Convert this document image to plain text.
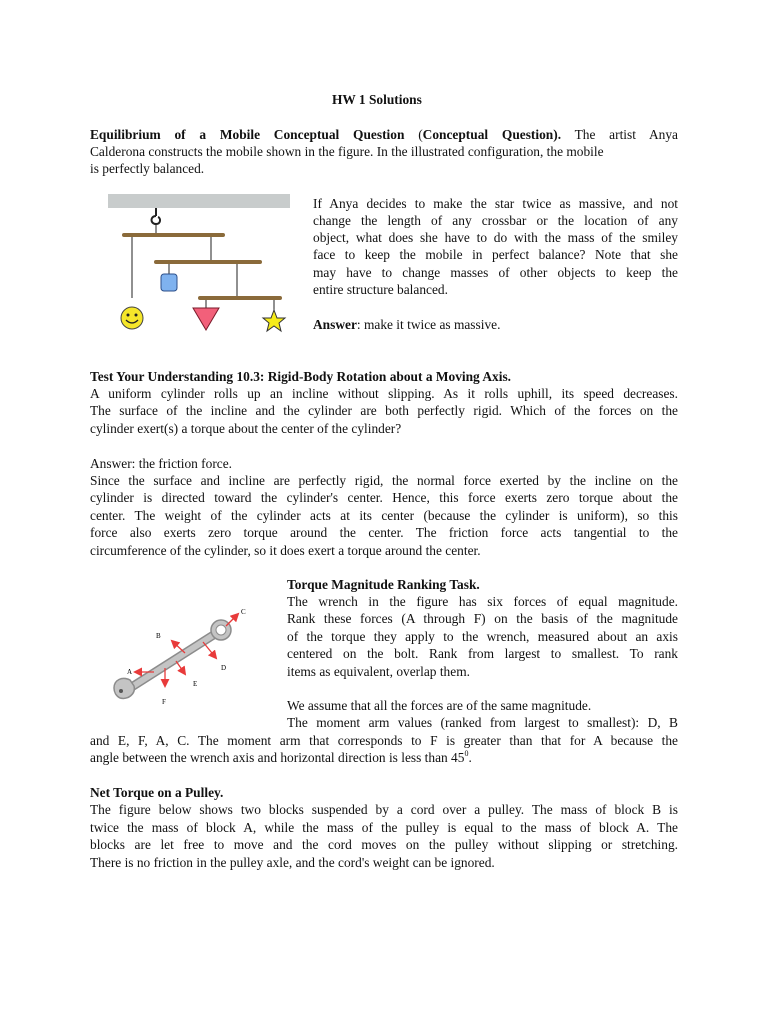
HW 1 Solutions
Equilibrium of a Mobile Conceptual Question (Conceptual Question). The artist Anya
Calderona constructs the mobile shown in the figure. In the illustrated configuration, the mobile
is perfectly balanced.
If Anya decides to make the star twice as massive, and not
change the length of any crossbar or the location of any
object, what does she have to do with the mass of the smiley
face to keep the mobile in perfect balance? Note that she
may have to change masses of other objects to keep the
entire structure balanced.
Answer: make it twice as massive.
Test Your Understanding 10.3: Rigid-Body Rotation about a Moving Axis.
A uniform cylinder rolls up an incline without slipping. As it rolls uphill, its speed decreases.
The surface of the incline and the cylinder are both perfectly rigid. Which of the forces on the
cylinder exert(s) a torque about the center of the cylinder?
Answer: the friction force.
Since the surface and incline are perfectly rigid, the normal force exerted by the incline on the
cylinder is directed toward the cylinder's center. Hence, this force exerts zero torque about the
center. The weight of the cylinder acts at its center (because the cylinder is uniform), so this
force also exerts zero torque around the center. The friction force acts tangential to the
circumference of the cylinder, so it does exert a torque around the center.
A
B
C
D
E
F
Torque Magnitude Ranking Task.
The wrench in the figure has six forces of equal magnitude.
Rank these forces (A through F) on the basis of the magnitude
of the torque they apply to the wrench, measured about an axis
centered on the bolt. Rank from largest to smallest. To rank
items as equivalent, overlap them.
We assume that all the forces are of the same magnitude.
The moment arm values (ranked from largest to smallest): D, B
and E, F, A, C. The moment arm that corresponds to F is greater than that for A because the
angle between the wrench axis and horizontal direction is less than $45^0$.
Net Torque on a Pulley.
The figure below shows two blocks suspended by a cord over a pulley. The mass of block B is
twice the mass of block A, while the mass of the pulley is equal to the mass of block A. The
blocks are let free to move and the cord moves on the pulley without slipping or stretching.
There is no friction in the pulley axle, and the cord's weight can be ignored.
